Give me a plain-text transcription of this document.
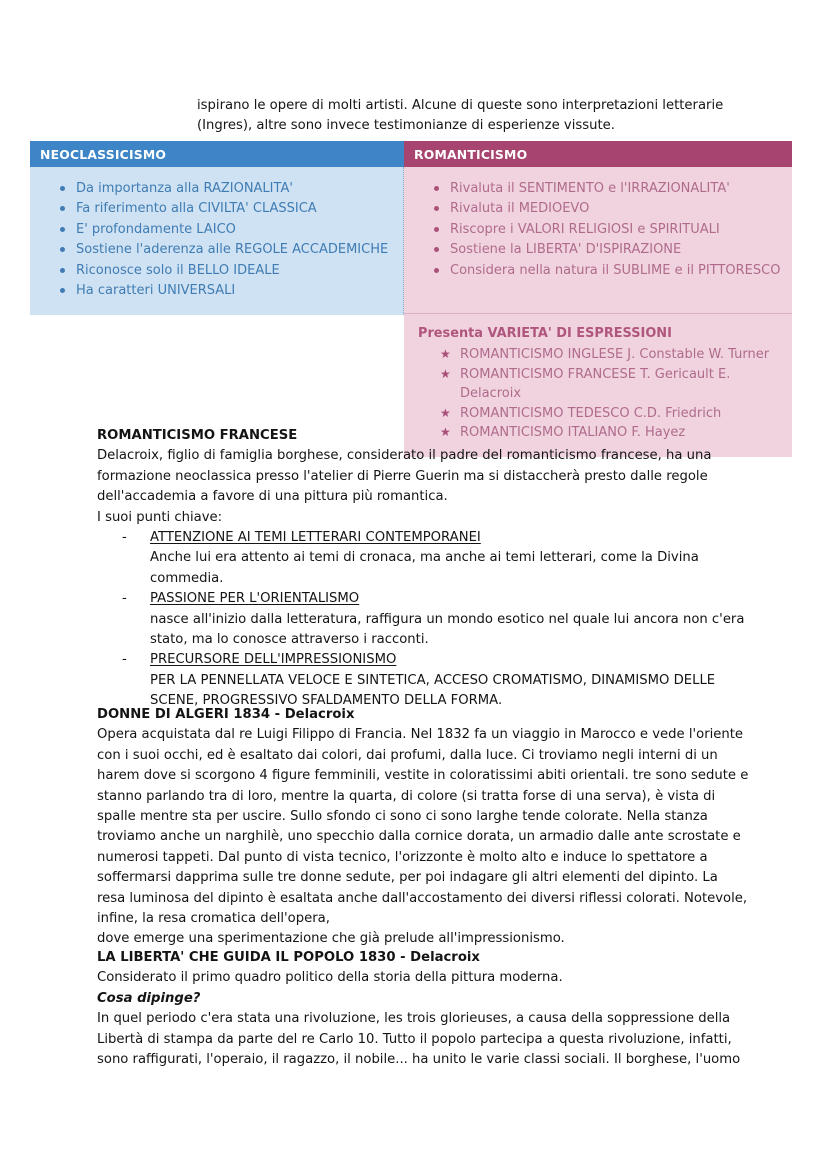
ispirano le opere di molti artisti. Alcune di queste sono interpretazioni letterarie
(Ingres), altre sono invece testimonianze di esperienze vissute.
NEOCLASSICISMO
Da importanza alla RAZIONALITA'
Fa riferimento alla CIVILTA' CLASSICA
E' profondamente LAICO
Sostiene l'aderenza alle REGOLE ACCADEMICHE
Riconosce solo il BELLO IDEALE
Ha caratteri UNIVERSALI
ROMANTICISMO
Rivaluta il SENTIMENTO e l'IRRAZIONALITA'
Rivaluta il MEDIOEVO
Riscopre i VALORI RELIGIOSI e SPIRITUALI
Sostiene la LIBERTA' D'ISPIRAZIONE
Considera nella natura il SUBLIME e il PITTORESCO
Presenta VARIETA' DI ESPRESSIONI
★ ROMANTICISMO INGLESE J. Constable W. Turner
★ ROMANTICISMO FRANCESE T. Gericault E. Delacroix
★ ROMANTICISMO TEDESCO C.D. Friedrich
★ ROMANTICISMO ITALIANO F. Hayez

ROMANTICISMO FRANCESE

Delacroix, figlio di famiglia borghese, considerato il padre del romanticismo francese, ha una formazione neoclassica presso l'atelier di Pierre Guerin ma si distaccherà presto dalle regole dell'accademia a favore di una pittura più romantica.

I suoi punti chiave:

- ATTENZIONE AI TEMI LETTERARI CONTEMPORANEI
Anche lui era attento ai temi di cronaca, ma anche ai temi letterari, come la Divina commedia.
- PASSIONE PER L'ORIENTALISMO
nasce all'inizio dalla letteratura, raffigura un mondo esotico nel quale lui ancora non c'era stato, ma lo conosce attraverso i racconti.
- PRECURSORE DELL'IMPRESSIONISMO
PER LA PENNELLATA VELOCE E SINTETICA, ACCESO CROMATISMO, DINAMISMO DELLE SCENE, PROGRESSIVO SFALDAMENTO DELLA FORMA.

DONNE DI ALGERI 1834 - Delacroix

Opera acquistata dal re Luigi Filippo di Francia. Nel 1832 fa un viaggio in Marocco e vede l'oriente con i suoi occhi, ed è esaltato dai colori, dai profumi, dalla luce. Ci troviamo negli interni di un harem dove si scorgono 4 figure femminili, vestite in coloratissimi abiti orientali. tre sono sedute e stanno parlando tra di loro, mentre la quarta, di colore (si tratta forse di una serva), è vista di spalle mentre sta per uscire. Sullo sfondo ci sono ci sono larghe tende colorate. Nella stanza troviamo anche un narghilè, uno specchio dalla cornice dorata, un armadio dalle ante scrostate e numerosi tappeti. Dal punto di vista tecnico, l'orizzonte è molto alto e induce lo spettatore a soffermarsi dapprima sulle tre donne sedute, per poi indagare gli altri elementi del dipinto. La resa luminosa del dipinto è esaltata anche dall'accostamento dei diversi riflessi colorati. Notevole, infine, la resa cromatica dell'opera,

dove emerge una sperimentazione che già prelude all'impressionismo.

LA LIBERTA' CHE GUIDA IL POPOLO 1830 - Delacroix

Considerato il primo quadro politico della storia della pittura moderna.

Cosa dipinge?

In quel periodo c'era stata una rivoluzione, les trois glorieuses, a causa della soppressione della Libertà di stampa da parte del re Carlo 10. Tutto il popolo partecipa a questa rivoluzione, infatti, sono raffigurati, l'operaio, il ragazzo, il nobile... ha unito le varie classi sociali. Il borghese, l'uomo
